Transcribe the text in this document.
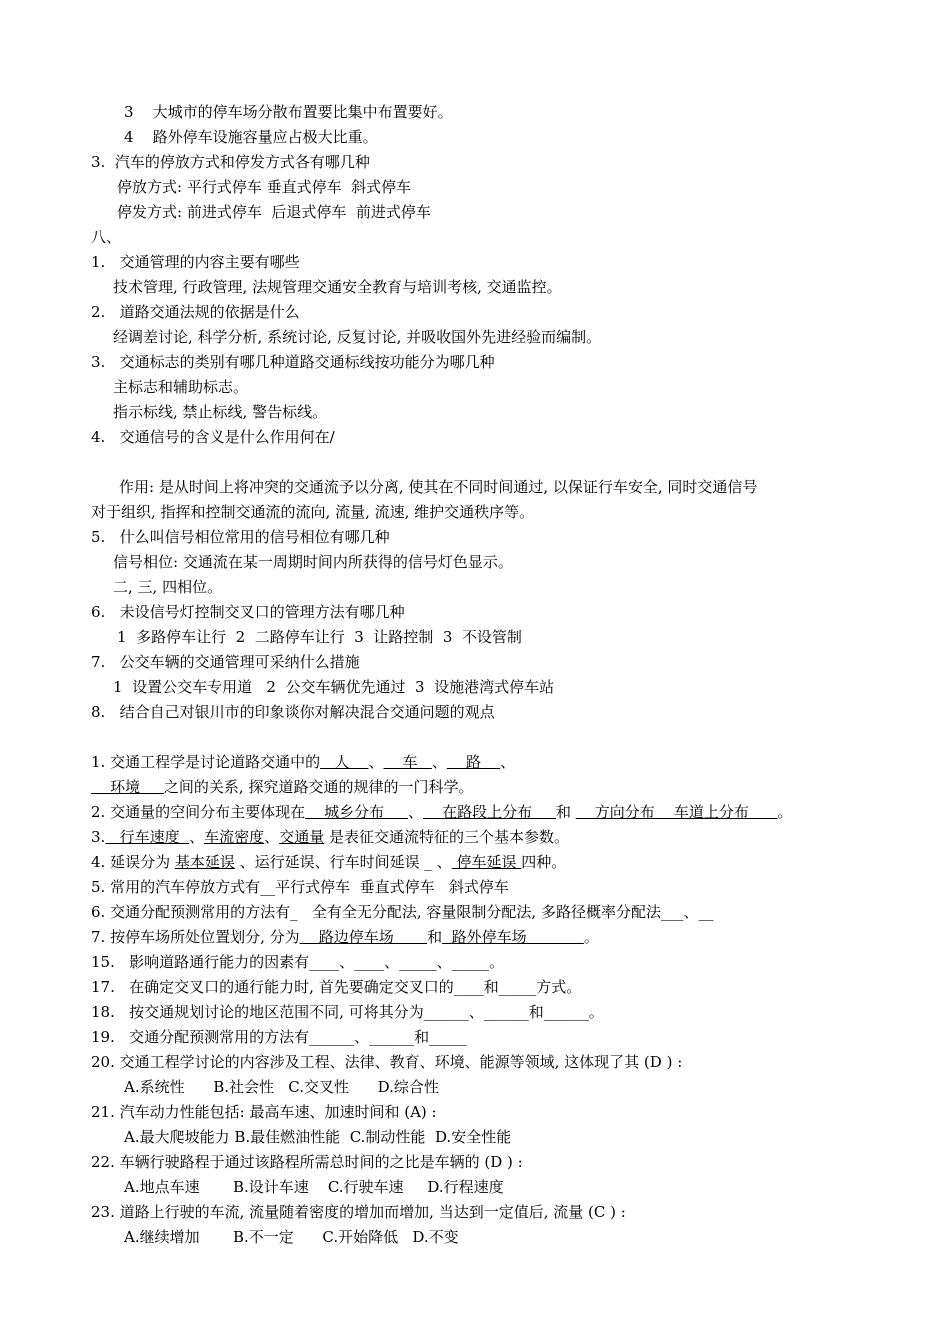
3    大城市的停车场分散布置要比集中布置要好。
4    路外停车设施容量应占极大比重。
3.  汽车的停放方式和停发方式各有哪几种
停放方式: 平行式停车 垂直式停车  斜式停车
停发方式: 前进式停车  后退式停车  前进式停车
八、
1.   交通管理的内容主要有哪些
技术管理, 行政管理, 法规管理交通安全教育与培训考核, 交通监控。
2.   道路交通法规的依据是什么
经调差讨论, 科学分析, 系统讨论, 反复讨论, 并吸收国外先进经验而编制。
3.   交通标志的类别有哪几种道路交通标线按功能分为哪几种
主标志和辅助标志。
指示标线, 禁止标线, 警告标线。
4.   交通信号的含义是什么作用何在/
作用: 是从时间上将冲突的交通流予以分离, 使其在不同时间通过, 以保证行车安全, 同时交通信号
对于组织, 指挥和控制交通流的流向, 流量, 流速, 维护交通秩序等。
5.   什么叫信号相位常用的信号相位有哪几种
信号相位: 交通流在某一周期时间内所获得的信号灯色显示。
二, 三, 四相位。
6.   未设信号灯控制交叉口的管理方法有哪几种
1  多路停车让行  2  二路停车让行  3  让路控制  3  不设管制
7.   公交车辆的交通管理可采纳什么措施
1  设置公交车专用道   2  公交车辆优先通过  3  设施港湾式停车站
8.   结合自己对银川市的印象谈你对解决混合交通问题的观点
1. 交通工程学是讨论道路交通中的   人    、    车   、    路    、
环境     之间的关系, 探究道路交通的规律的一门科学。
2. 交通量的空间分布主要体现在    城乡分布     、    在路段上分布     和     方向分布    车道上分布      。
3.   行车速度  、车流密度、交通量 是表征交通流特征的三个基本参数。
4. 延误分为 基本延误 、运行延误、行车时间延误 _ 、 停车延误 四种。
5. 常用的汽车停放方式有__平行式停车  垂直式停车   斜式停车
6. 交通分配预测常用的方法有_   全有全无分配法, 容量限制分配法, 多路径概率分配法___、__
7. 按停车场所处位置划分, 分为    路边停车场       和  路外停车场            。
15.   影响道路通行能力的因素有____、____、_____、_____。
17.   在确定交叉口的通行能力时, 首先要确定交叉口的____和_____方式。
18.   按交通规划讨论的地区范围不同, 可将其分为______、______和______。
19.   交通分配预测常用的方法有______、______和_____
20. 交通工程学讨论的内容涉及工程、法律、教育、环境、能源等领域, 这体现了其 (D ) :
A.系统性      B.社会性   C.交叉性      D.综合性
21. 汽车动力性能包括: 最高车速、加速时间和 (A) :
A.最大爬坡能力 B.最佳燃油性能  C.制动性能  D.安全性能
22. 车辆行驶路程于通过该路程所需总时间的之比是车辆的 (D ) :
A.地点车速       B.设计车速    C.行驶车速     D.行程速度
23. 道路上行驶的车流, 流量随着密度的增加而增加, 当达到一定值后, 流量 (C ) :
A.继续增加       B.不一定      C.开始降低   D.不变
